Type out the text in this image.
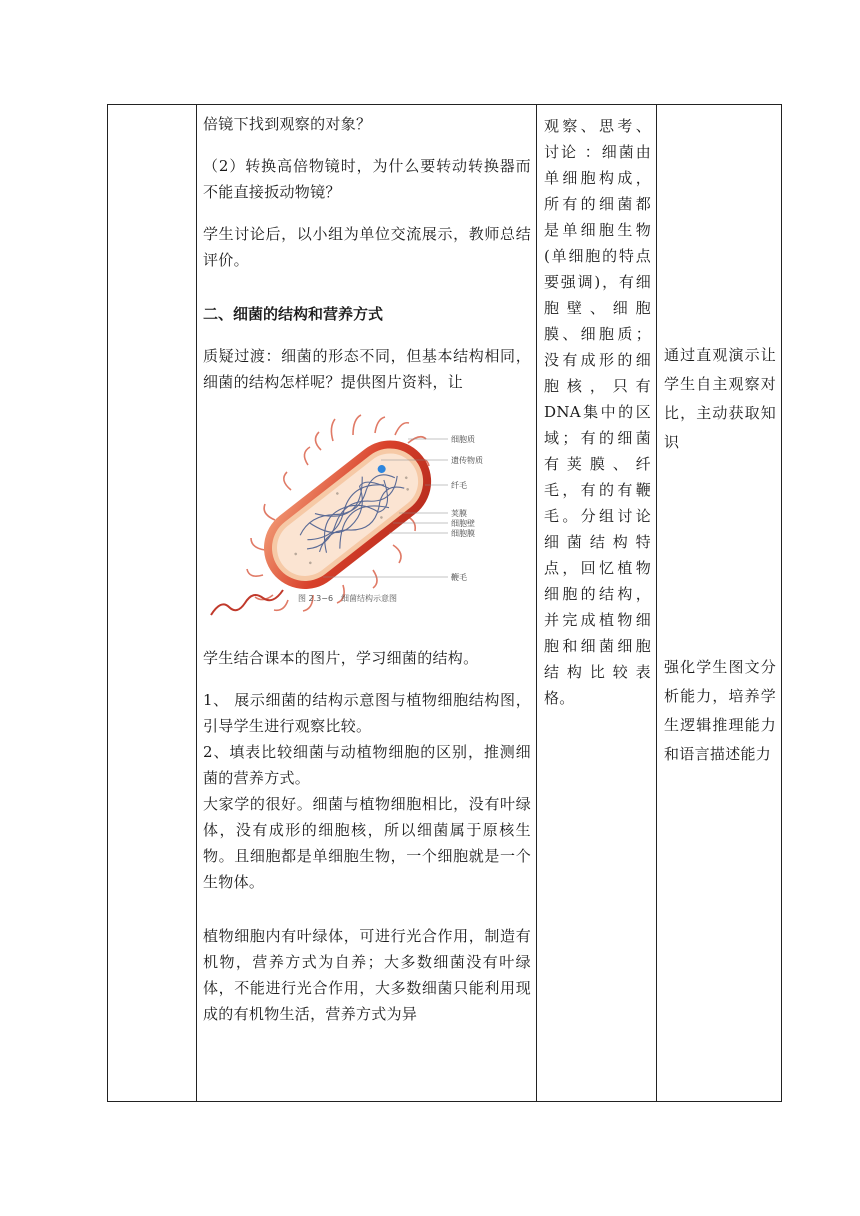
倍镜下找到观察的对象？

（2）转换高倍物镜时，为什么要转动转换器而不能直接扳动物镜？

学生讨论后，以小组为单位交流展示，教师总结评价。

二、细菌的结构和营养方式

质疑过渡：细菌的形态不同，但基本结构相同，细菌的结构怎样呢？提供图片资料，让

细胞质
遗传物质
纤毛
荚膜
细胞壁
细胞膜
鞭毛
图 2.3−6　细菌结构示意图

学生结合课本的图片，学习细菌的结构。

1、 展示细菌的结构示意图与植物细胞结构图，引导学生进行观察比较。

2、填表比较细菌与动植物细胞的区别，推测细菌的营养方式。

大家学的很好。细菌与植物细胞相比，没有叶绿体，没有成形的细胞核，所以细菌属于原核生物。且细胞都是单细胞生物，一个细胞就是一个生物体。

植物细胞内有叶绿体，可进行光合作用，制造有机物，营养方式为自养；大多数细菌没有叶绿体，不能进行光合作用，大多数细菌只能利用现成的有机物生活，营养方式为异

观察、思考、讨论 ：细菌由单细胞构成，所有的细菌都是单细胞生物(单细胞的特点要强调)，有细胞壁、细胞膜、细胞质；没有成形的细胞核，只有DNA集中的区域；有的细菌有荚膜、纤毛，有的有鞭毛。分组讨论细菌结构特点，回忆植物细胞的结构，并完成植物细胞和细菌细胞结构比较表格。

通过直观演示让学生自主观察对比，主动获取知识

强化学生图文分析能力，培养学生逻辑推理能力和语言描述能力
